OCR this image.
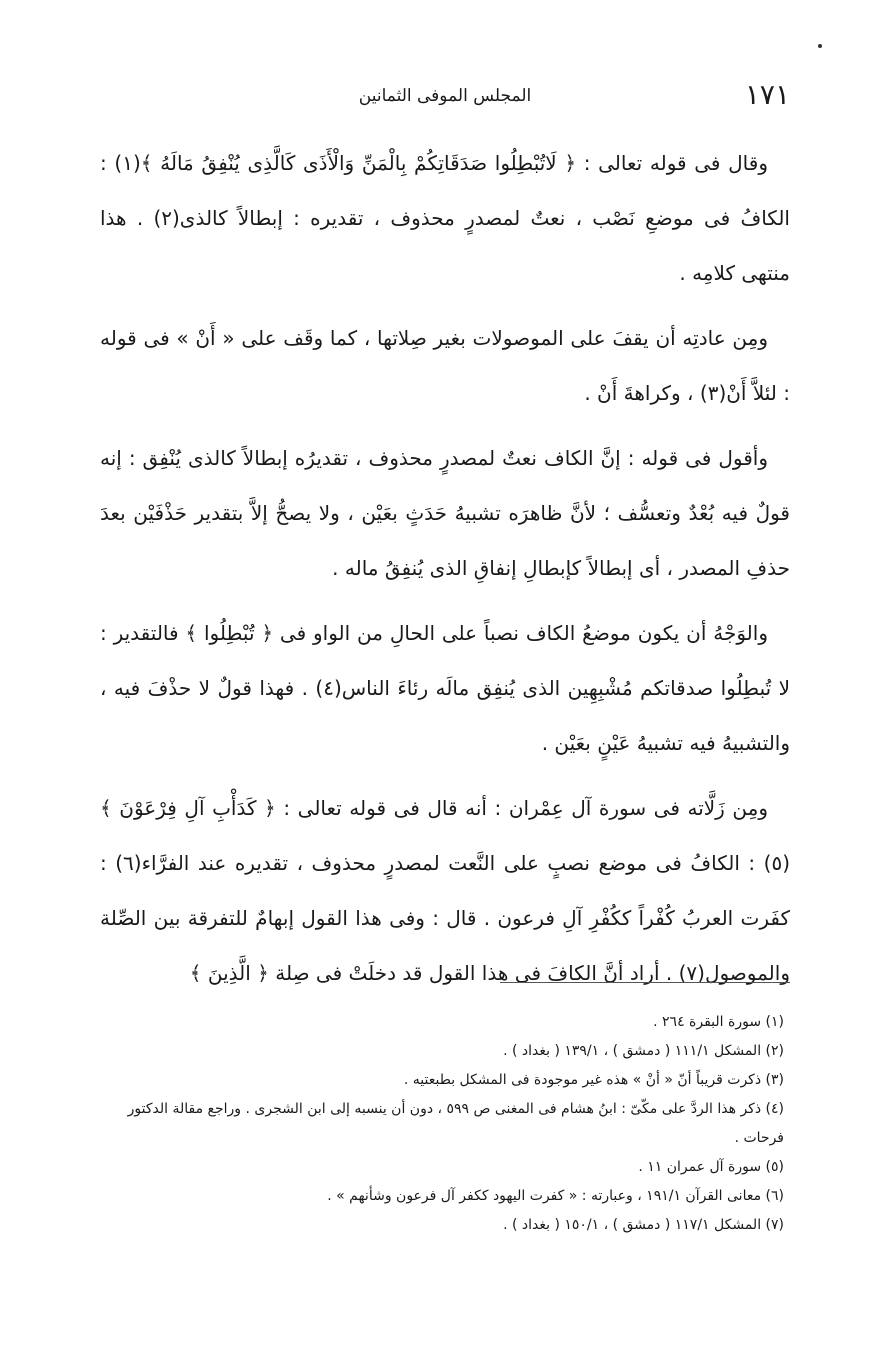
١٧١
المجلس الموفى الثمانين

وقال فى قوله تعالى : ﴿ لَاتُبْطِلُوا صَدَقَاتِكُمْ بِالْمَنِّ وَالْأَذَى كَالَّذِى يُنْفِقُ مَالَهُ ﴾(١) : الكافُ فى موضعِ نَصْب ، نعتٌ لمصدرٍ محذوف ، تقديره : إبطالاً كالذى(٢) . هذا منتهى كلامِه .

ومِن عادتِه أن يقفَ على الموصولات بغير صِلاتها ، كما وقَف على « أَنْ » فى قوله : لئلاَّ أَنْ(٣) ، وكراهةَ أَنْ .

وأقول فى قوله : إنَّ الكاف نعتٌ لمصدرٍ محذوف ، تقديرُه إبطالاً كالذى يُنْفِق : إنه قولٌ فيه بُعْدٌ وتعسُّف ؛ لأنَّ ظاهرَه تشبيهُ حَدَثٍ بعَيْن ، ولا يصحُّ إلاَّ بتقدير حَذْفَيْن بعدَ حذفِ المصدر ، أى إبطالاً كإبطالِ إنفاقِ الذى يُنفِقُ ماله .

والوَجْهُ أن يكون موضعُ الكاف نصباً على الحالِ من الواو فى ﴿ تُبْطِلُوا ﴾ فالتقدير : لا تُبطِلُوا صدقاتكم مُشْبِهِين الذى يُنفِق مالَه رئاءَ الناس(٤) . فهذا قولٌ لا حذْفَ فيه ، والتشبيهُ فيه تشبيهُ عَيْنٍ بعَيْن .

ومِن زَلَّاته فى سورة آل عِمْران : أنه قال فى قوله تعالى : ﴿ كَدَأْبِ آلِ فِرْعَوْنَ ﴾(٥) : الكافُ فى موضع نصبٍ على النَّعت لمصدرٍ محذوف ، تقديره عند الفرَّاء(٦) : كفَرت العربُ كُفْراً ككُفْرِ آلِ فرعون . قال : وفى هذا القول إبهامٌ للتفرقة بين الصِّلة والموصول(٧) . أراد أنَّ الكافَ فى هذا القول قد دخلَتْ فى صِلة ﴿ الَّذِينَ ﴾

(١) سورة البقرة ٢٦٤ .

(٢) المشكل ١١١/١ ( دمشق ) ، ١٣٩/١ ( بغداد ) .

(٣) ذكرت قريباً أنّ « أنْ » هذه غير موجودة فى المشكل بطبعتيه .

(٤) ذكر هذا الردَّ على مكّىّ : ابنُ هشام فى المغنى ص ٥٩٩ ، دون أن ينسبه إلى ابن الشجرى . وراجع مقالة الدكتور فرحات .

(٥) سورة آل عمران ١١ .

(٦) معانى القرآن ١٩١/١ ، وعبارته : « كفرت اليهود ككفر آل فرعون وشأنهم » .

(٧) المشكل ١١٧/١ ( دمشق ) ، ١٥٠/١ ( بغداد ) .
